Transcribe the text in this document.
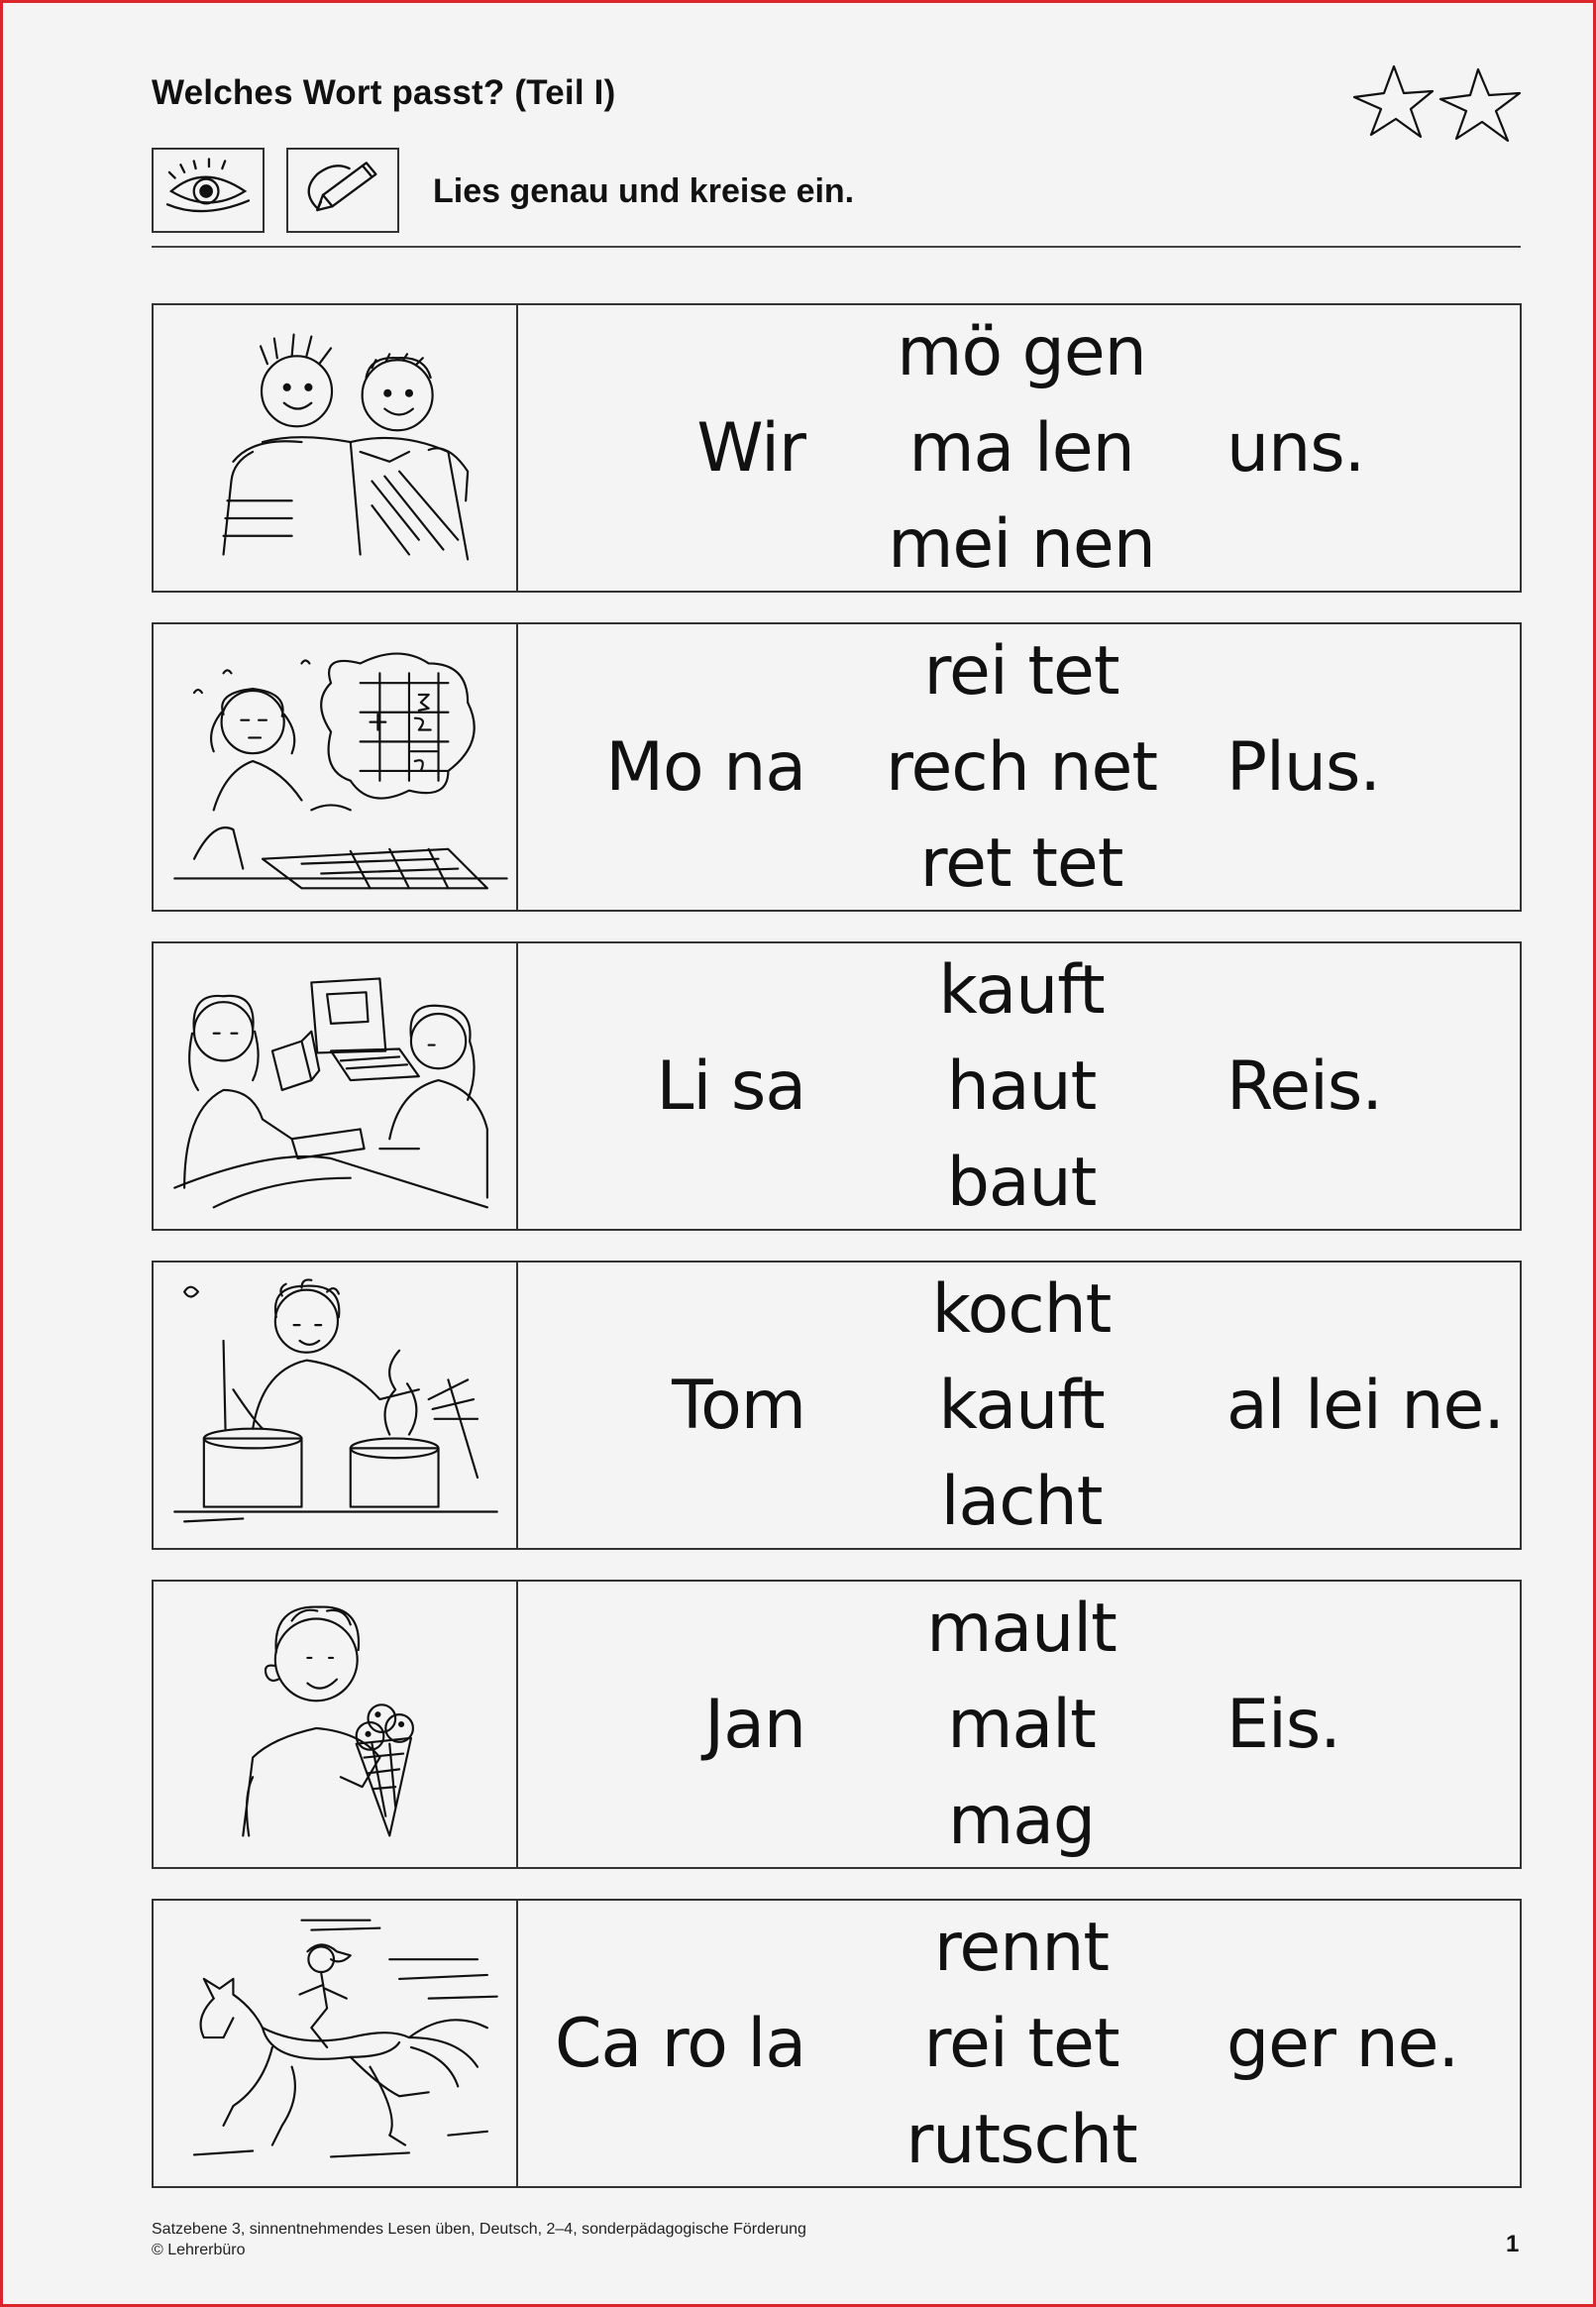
Welches Wort passt? (Teil I)
Lies genau und kreise ein.
Wir
mö gen
ma len
mei nen
uns.
Mo na
rei tet
rech net
ret tet
Plus.
Li sa
kauft
haut
baut
Reis.
Tom
kocht
kauft
lacht
al lei ne.
Jan
mault
malt
mag
Eis.
Ca ro la
rennt
rei tet
rutscht
ger ne.
Satzebene 3, sinnentnehmendes Lesen üben, Deutsch, 2–4, sonderpädagogische Förderung
© Lehrerbüro	1
